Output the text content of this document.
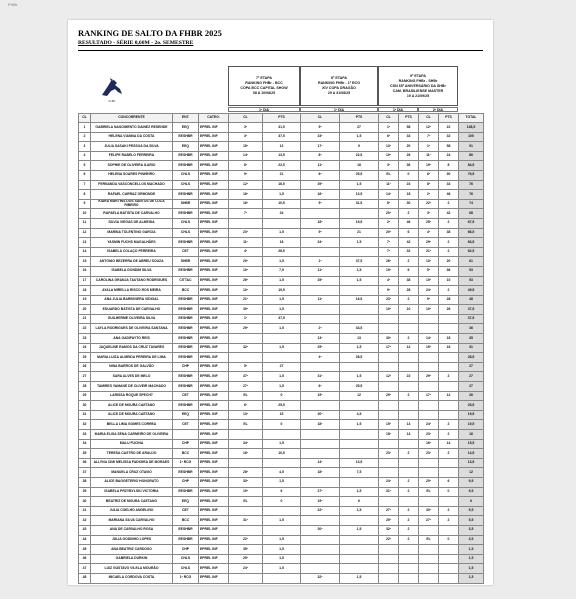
FHBr
RANKING DE SALTO DA FHBR 2025
RESULTADO - SÉRIE 0,60M - 2o. SEMESTRE
FHBr
7ª ETAPA
RANKING FHBr - BCC
COPA BCC CAPITAL SHOW
08 A 10/08/25
8ª ETAPA
RANKING FHBr - 1ª RCG
XIV COPA DRAGÃO
29 A 31/08/25
9ª ETAPA
RANKING FHBr - SHBr
CSN 65º ANIVERSÁRIO DA SHBr
CAM. BRASILIENSE MASTER
19 A 21/09/25
1º DIA	1º DIA	1º DIA	2º DIA
CL	CONCORRENTE	ENT.	CATEG.	CL	PTS	CL	PTS	CL	PTS	CL	PTS	TOTAL
1	GABRIELA NASCIMENTO DAINEZ RESENDE	EEQ	EPREL INF	3º	31,5	9º	27	1º	58	12º	22	138,5
2	HELENA VIANNA DA COSTA	EESHBR	EPREL INF	3º	37,5	23º	1,5	6º	34	7º	32	105
3	JULIA SASAKI PESSOA DA SILVA	EEQ	EPREL INF	15º	12	17º	9	13º	20	1º	58	91
4	FELIPE RABELO FERREIRA	EESHBR	EPREL INF	14º	13,5	8º	22,5	10º	26	11º	24	86
5	SOPHIE DE OLIVEIRA ILARIO	EESHBR	EPREL INF	8º	22,5	11º	18	3º	36	19º	8	84,5
6	HELENA SOARES PINHEIRO	CHLS	EPREL INF	9º	21	6º	25,5	EL	0	6º	30	76,5
7	FERNANDA VASCONCELLOS MACHADO	CHLS	EPREL INF	12º	16,5	29º	1,5	11º	24	8º	34	76
8	RAFAEL CARRAZ ORMONDE	EESHBR	EPREL INF	16º	1,5	16º	10,5	14º	18	2º	46	76
9	KIARA MARTINS DOS SANTOS DE LUCA RIBEIRO	SHBR	EPREL INF	16º	10,5	5º	31,5	8º	30	22º	2	74
10	RAFAELA BATISTA DE CARVALHO	EESHBR	EPREL INF	7º	24			20º	2	3º	42	68
11	SILVIA VIEGAS DE ALMEIDA	CHLS	EPREL INF			18º	19,5	2º	46	25º	2	67,5
12	MARINA TOLENTINO GARCIA	CHLS	EPREL INF	23º	1,5	9º	21	20º	6	4º	38	66,5
13	YASMIN FUCHS MAGALHÃES	EESHBR	EPREL INF	11º	18	24º	1,5	7º	42	29º	2	63,5
14	ISABELA COLAÇO FERREIRA	CET	EPREL INF	4º	28,5			7º	32	21º	2	62,5
15	ANTONIO BEZERRA DE ABREU SOUZA	SHBR	EPREL INF	20º	1,5	1º	37,5	26º	2	13º	20	61
16	ISABELA GONDIM SILVA	EESHBR	EPREL INF	10º	7,5	11º	1,5	19º	6	5º	36	53
17	CAROLINA GRANJA TAUTANO RODRIGUES	CITTAC	EPREL INF	26º	1,5	25º	1,5	4º	38	10º	10	53
18	AYALA MIRELLA RISCO ROS MEIRA	BCC	EPREL INF	10º	19,5			9º	28	24º	2	49,5
19	ANA JULIA BARBIVIERA VIDIGAL	EESHBR	EPREL INF	21º	1,5	11º	16,5	23º	2	9º	28	48
20	EDUARDO BATISTA DE CARVALHO	EESHBR	EPREL INF	30º	1,5			10º	10	10º	26	37,5
21	GUILHERME OLIVEIRA SILVA	EESHBR	EPREL INF	1º	37,5							37,5
22	LAYLA RODRIGUES DE OLIVEIRA SANTANA	EESHBR	EPREL INF	29º	1,5	2º	34,5					36
23	ANA GADIFAYTO REIS	EESHBR	EPREL INF			13º	13	30º	2	14º	18	35
24	JAQUELINE RAMOS DA CRUZ TAVARES	EESHBR	EPREL INF	32º	1,5	25º	1,5	17º	12	15º	16	31
25	MARIA LUIZA ALMEIDA PEREIRA DE LIMA	EESHBR	EPREL INF			4º	28,5					28,5
26	NINA BARROS DE GALVÃO	CHP	EPREL INF	5º	27							27
27	SARA ALVES DE MELO	EESHBR	EPREL INF	37º	1,5	31º	1,5	12º	22	29º	2	27
28	TAMIRES YAMANE DE OLIVEIR MACHADO	EESHBR	EPREL INF	27º	1,5	6º	25,5					27
29	LARISSA ROQUE SPECHT	CET	EPREL INF	EL	0	15º	12	29º	2	17º	12	26
30	ALICE DE MOURA CAETANO	EESHBR	EPREL INF	6º	25,5							25,5
31	ALICE DE MOURA CAETANO	EEQ	EPREL INF	13º	15	20º	4,5					19,5
32	BELLA LIMA GOMES CORREA	CET	EPREL INF	EL	0	18º	1,5	15º	14	24º	2	19,5
33	MARIA ELISA SENA CARNEIRO DE OLIVEIRA		EPREL INF					18º	14	23º	2	16
34	MALU FUCINA	CHP	EPREL INF	34º	1,5					16º	14	15,5
35	TERESA CASTRO DE ARAUJO	BCC	EPREL INF	16º	10,5			23º	2	23º	2	14,5
36	ALLYNA CIMI MELISSA FADIGIRA DE MORAES	1º RCG	EPREL INF			14º	13,5					13,5
37	MANUELA CRUZ OTAVIO	EESHBR	EPREL INF	28º	4,5	18º	7,5					12
38	ALICE BAGGETERIO HONORATO	CHP	EPREL INF	33º	1,5			24º	2	20º	6	9,5
39	ISABELA PRZYBYLSKI VICTORIA	EESHBR	EPREL INF	19º	6	27º	1,5	31º	2	EL	0	9,5
40	BEATRIZ DE MOURA CAETANO	EEQ	EPREL INF	EL	0	19º	6					6
41	JULIA COELHO ANGELINO	CET	EPREL INF			22º	1,5	27º	2	30º	2	5,5
42	MARIANA SILVA CARVALHO	BCC	EPREL INF	31º	1,5			25º	2	27º	2	5,5
43	ANA DE CARVALHO ROSA	EESHBR	EPREL INF			20º	1,5	32º	2			3,5
44	JULIA GODINHO LOPES	EESHBR	EPREL INF	22º	1,5			22º	2	EL	0	3,5
45	ANA BEATRIZ CARDOSO	CHP	EPREL INF	35º	1,5							1,5
46	GABRIELA DURKIN	CHLS	EPREL INF	25º	1,5							1,5
47	LUIZ GUSTAVO VILELA MOURÃO	CHLS	EPREL INF	24º	1,5							1,5
48	MICAELA CORDOVA COSTA	1º RCG	EPREL INF			32º	1,5					1,5
